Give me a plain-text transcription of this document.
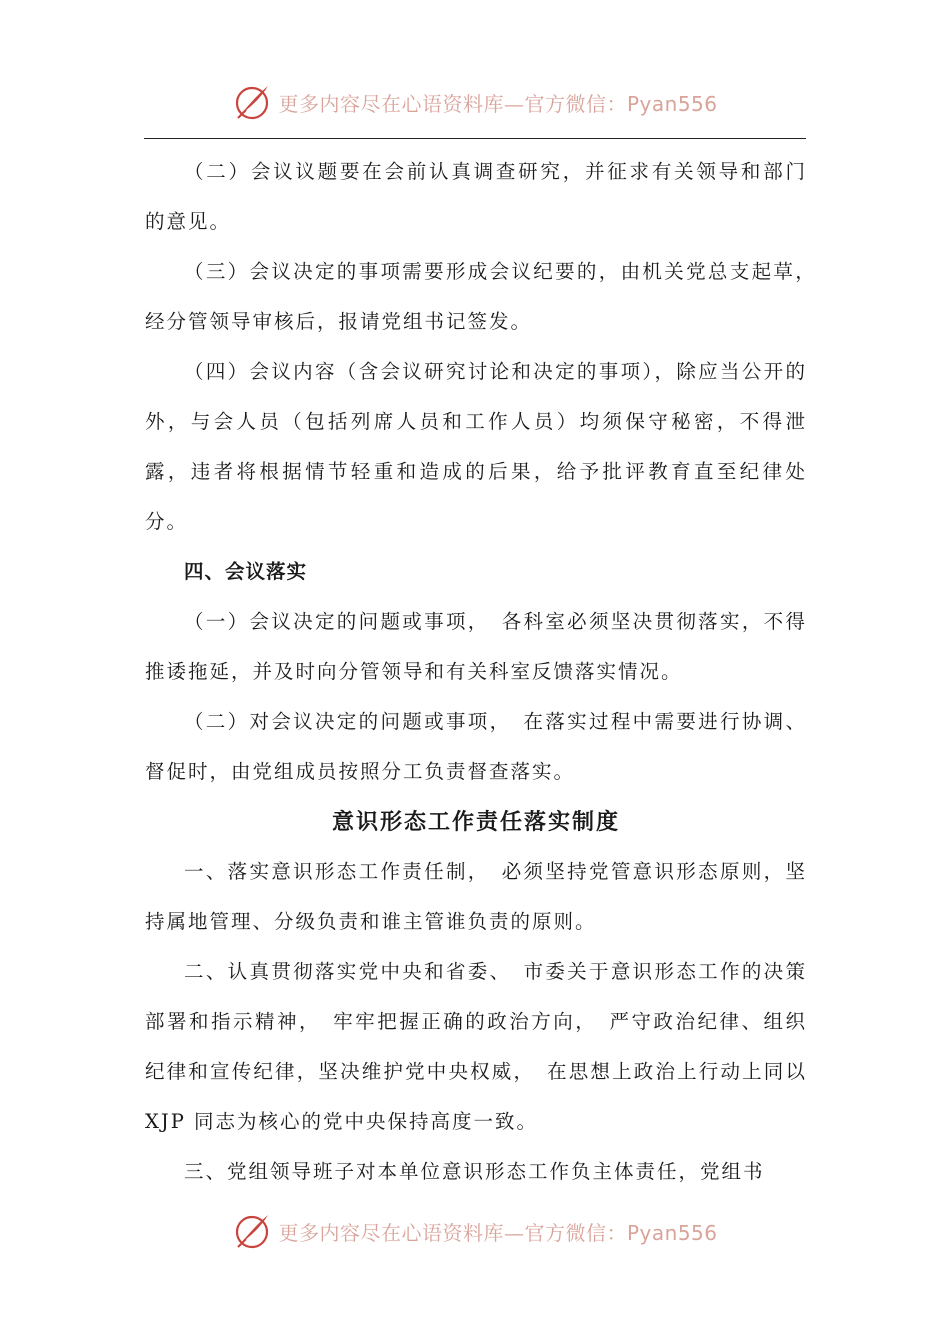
更多内容尽在心语资料库—官方微信：Pyan556

（二）会议议题要在会前认真调查研究，并征求有关领导和部门的意见。

（三）会议决定的事项需要形成会议纪要的，由机关党总支起草，　经分管领导审核后，报请党组书记签发。

（四）会议内容（含会议研究讨论和决定的事项），除应当公开的外，与会人员（包括列席人员和工作人员）均须保守秘密，不得泄露，违者将根据情节轻重和造成的后果，给予批评教育直至纪律处分。

四、会议落实

（一）会议决定的问题或事项，　各科室必须坚决贯彻落实，不得推诿拖延，并及时向分管领导和有关科室反馈落实情况。

（二）对会议决定的问题或事项，　在落实过程中需要进行协调、督促时，由党组成员按照分工负责督查落实。

意识形态工作责任落实制度

一、落实意识形态工作责任制，　必须坚持党管意识形态原则，坚持属地管理、分级负责和谁主管谁负责的原则。

二、认真贯彻落实党中央和省委、　市委关于意识形态工作的决策部署和指示精神，　牢牢把握正确的政治方向，　严守政治纪律、组织纪律和宣传纪律，坚决维护党中央权威，　在思想上政治上行动上同以 XJP 同志为核心的党中央保持高度一致。

三、党组领导班子对本单位意识形态工作负主体责任，党组书

更多内容尽在心语资料库—官方微信：Pyan556
